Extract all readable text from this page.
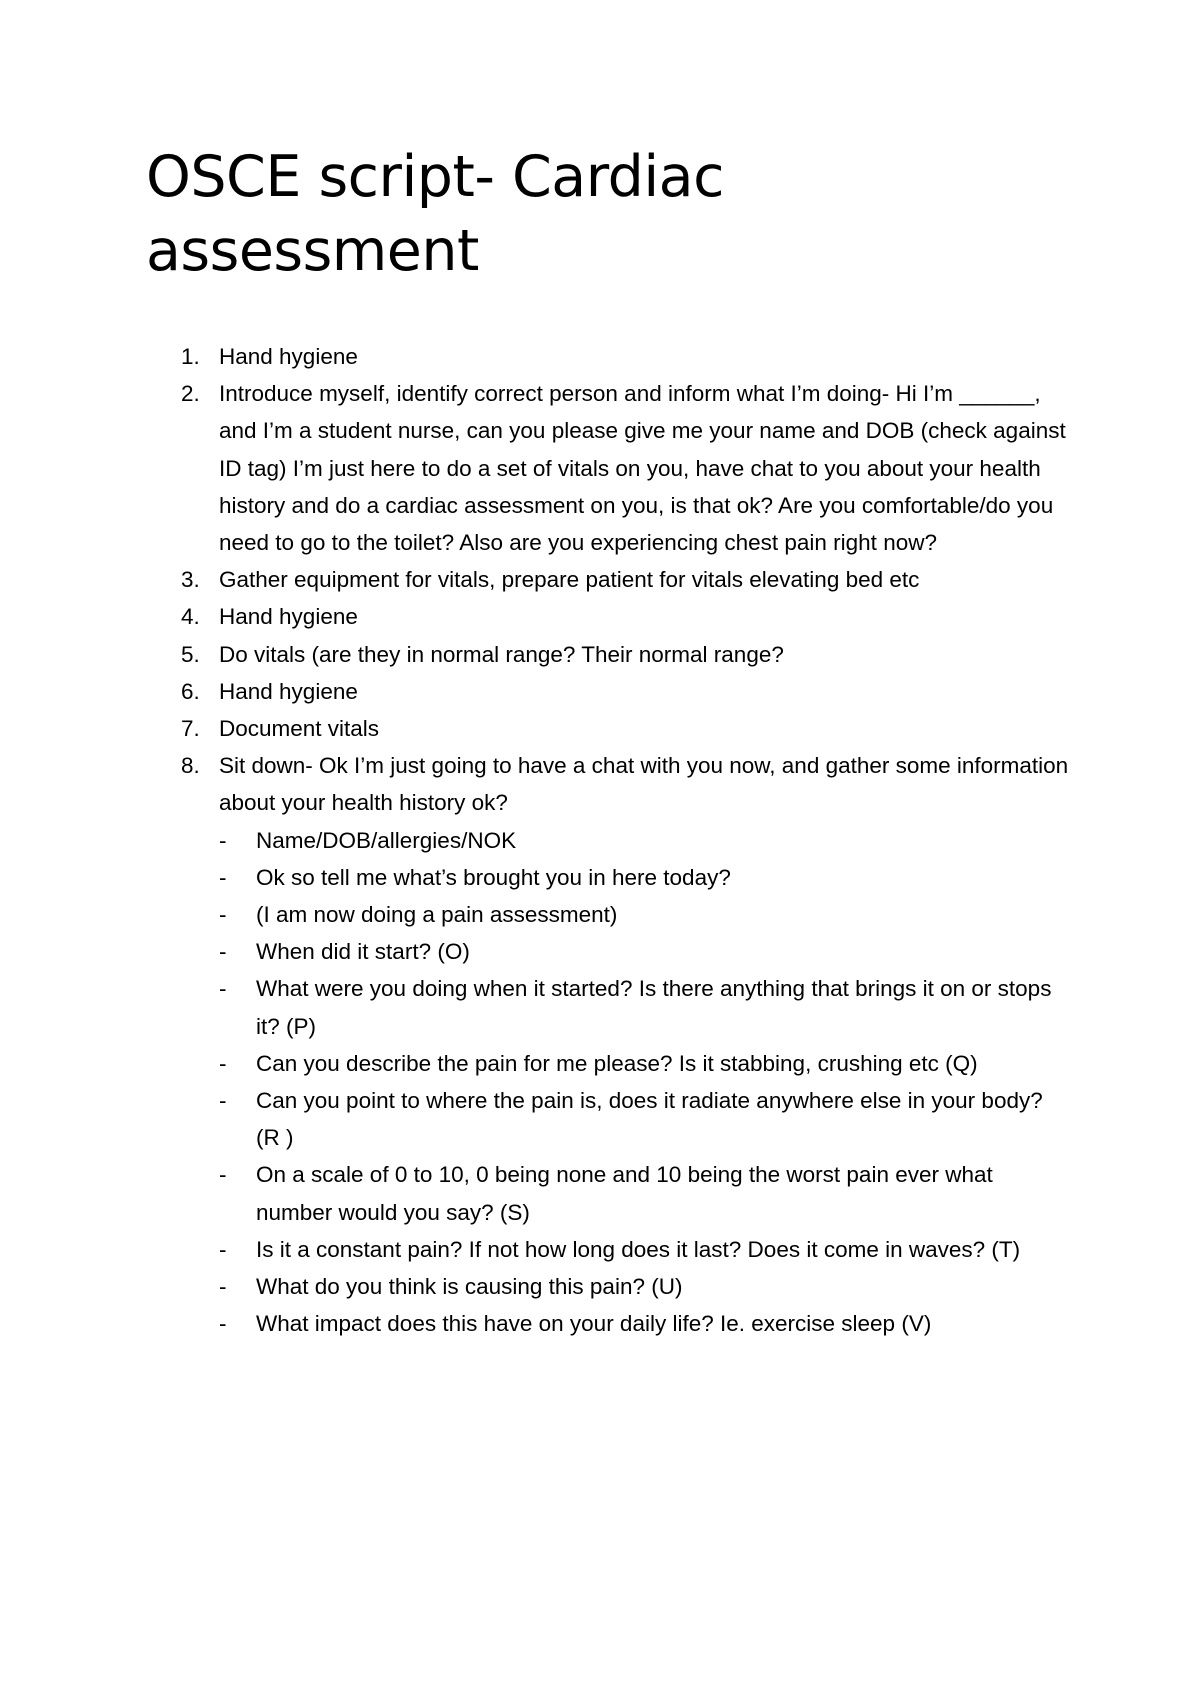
OSCE script- Cardiac assessment
1. Hand hygiene
2. Introduce myself, identify correct person and inform what I’m doing- Hi I’m ______, and I’m a student nurse, can you please give me your name and DOB (check against ID tag) I’m just here to do a set of vitals on you, have chat to you about your health history and do a cardiac assessment on you, is that ok? Are you comfortable/do you need to go to the toilet? Also are you experiencing chest pain right now?
3. Gather equipment for vitals, prepare patient for vitals elevating bed etc
4. Hand hygiene
5. Do vitals (are they in normal range? Their normal range?
6. Hand hygiene
7. Document vitals
8. Sit down- Ok I’m just going to have a chat with you now, and gather some information about your health history ok?
- Name/DOB/allergies/NOK
- Ok so tell me what’s brought you in here today?
- (I am now doing a pain assessment)
- When did it start? (O)
- What were you doing when it started? Is there anything that brings it on or stops it? (P)
- Can you describe the pain for me please? Is it stabbing, crushing etc (Q)
- Can you point to where the pain is, does it radiate anywhere else in your body? (R )
- On a scale of 0 to 10, 0 being none and 10 being the worst pain ever what number would you say? (S)
- Is it a constant pain? If not how long does it last? Does it come in waves? (T)
- What do you think is causing this pain? (U)
- What impact does this have on your daily life? Ie. exercise sleep (V)
